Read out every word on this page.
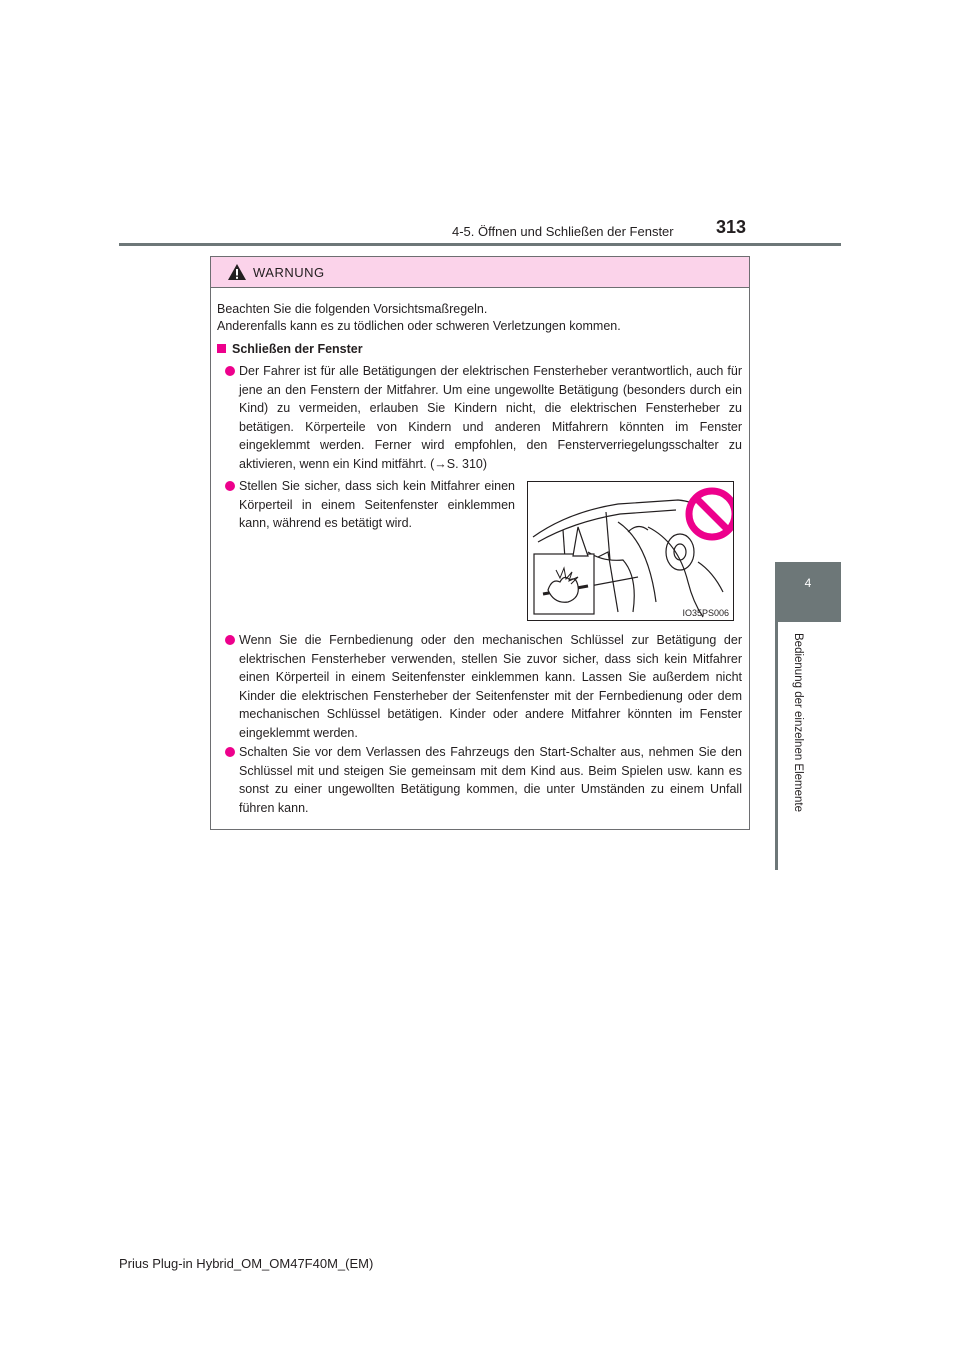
4-5. Öffnen und Schließen der Fenster 313
4
Bedienung der einzelnen Elemente
WARNUNG
Beachten Sie die folgenden Vorsichtsmaßregeln.
Anderenfalls kann es zu tödlichen oder schweren Verletzungen kommen.
Schließen der Fenster
Der Fahrer ist für alle Betätigungen der elektrischen Fensterheber verantwortlich, auch für jene an den Fenstern der Mitfahrer. Um eine ungewollte Betätigung (besonders durch ein Kind) zu vermeiden, erlauben Sie Kindern nicht, die elektrischen Fensterheber zu betätigen. Körperteile von Kindern und anderen Mitfahrern könnten im Fenster eingeklemmt werden. Ferner wird empfohlen, den Fensterverriegelungsschalter zu aktivieren, wenn ein Kind mitfährt. (→S. 310)
Stellen Sie sicher, dass sich kein Mitfahrer einen Körperteil in einem Seitenfenster einklemmen kann, während es betätigt wird.
IO35PS006
Wenn Sie die Fernbedienung oder den mechanischen Schlüssel zur Betätigung der elektrischen Fensterheber verwenden, stellen Sie zuvor sicher, dass sich kein Mitfahrer einen Körperteil in einem Seitenfenster einklemmen kann. Lassen Sie außerdem nicht Kinder die elektrischen Fensterheber der Seitenfenster mit der Fernbedienung oder dem mechanischen Schlüssel betätigen. Kinder oder andere Mitfahrer könnten im Fenster eingeklemmt werden.
Schalten Sie vor dem Verlassen des Fahrzeugs den Start-Schalter aus, nehmen Sie den Schlüssel mit und steigen Sie gemeinsam mit dem Kind aus. Beim Spielen usw. kann es sonst zu einer ungewollten Betätigung kommen, die unter Umständen zu einem Unfall führen kann.
Prius Plug-in Hybrid_OM_OM47F40M_(EM)
